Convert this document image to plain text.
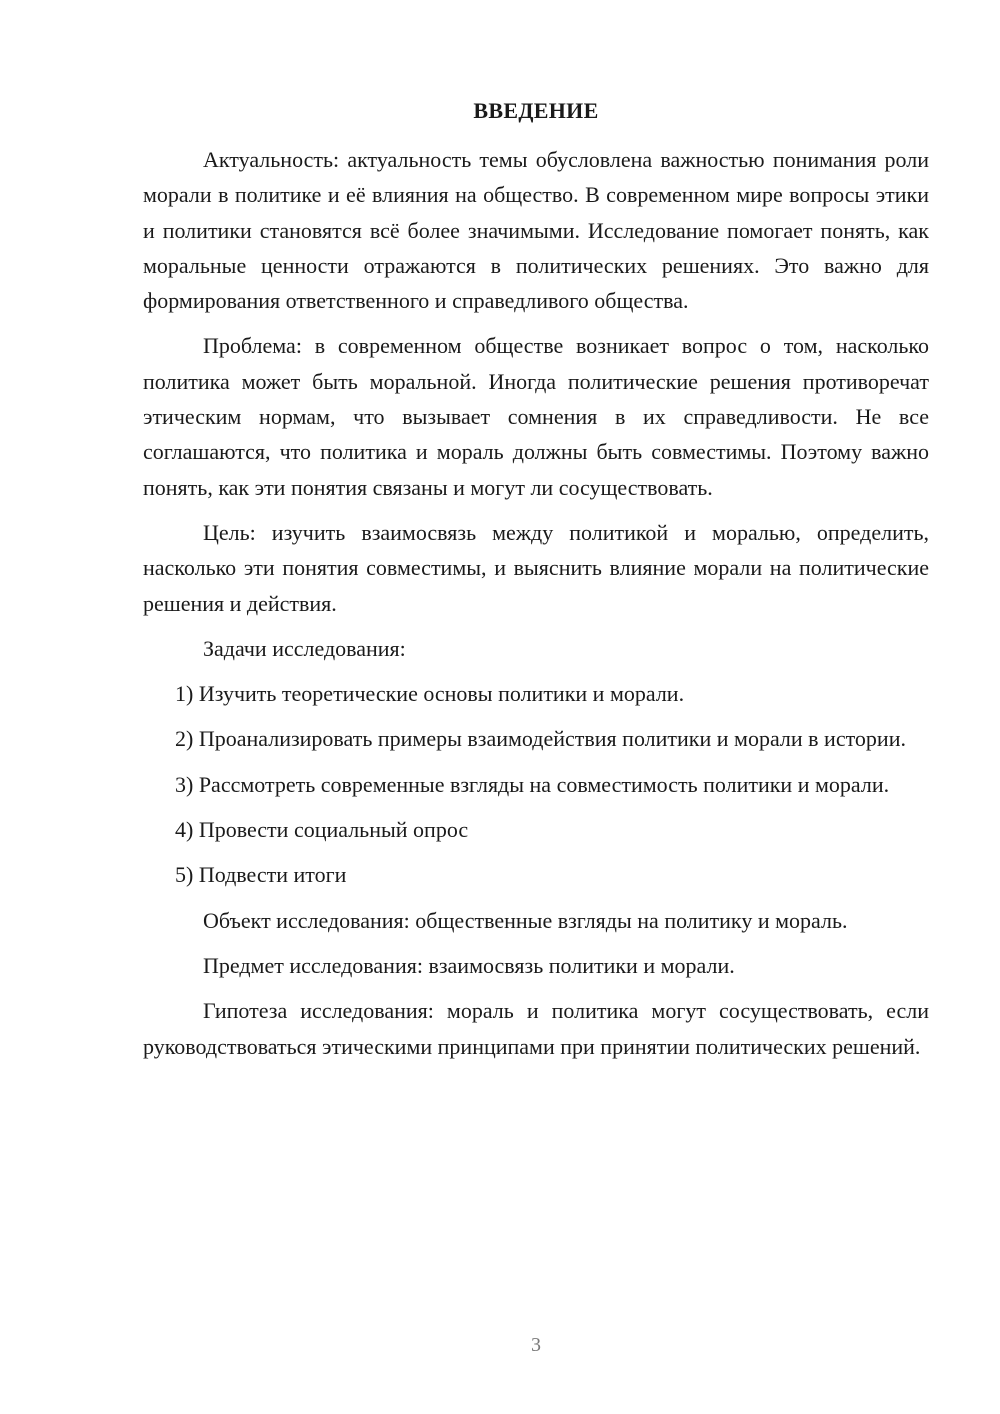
ВВЕДЕНИЕ

Актуальность: актуальность темы обусловлена важностью понимания роли морали в политике и её влияния на общество. В современном мире вопросы этики и политики становятся всё более значимыми. Исследование помогает понять, как моральные ценности отражаются в политических решениях. Это важно для формирования ответственного и справедливого общества.

Проблема: в современном обществе возникает вопрос о том, насколько политика может быть моральной. Иногда политические решения противоречат этическим нормам, что вызывает сомнения в их справедливости. Не все соглашаются, что политика и мораль должны быть совместимы. Поэтому важно понять, как эти понятия связаны и могут ли сосуществовать.

Цель: изучить взаимосвязь между политикой и моралью, определить, насколько эти понятия совместимы, и выяснить влияние морали на политические решения и действия.

Задачи исследования:

1) Изучить теоретические основы политики и морали.

2) Проанализировать примеры взаимодействия политики и морали в истории.

3) Рассмотреть современные взгляды на совместимость политики и морали.

4) Провести социальный опрос

5) Подвести итоги

Объект исследования: общественные взгляды на политику и мораль.

Предмет исследования: взаимосвязь политики и морали.

Гипотеза исследования: мораль и политика могут сосуществовать, если руководствоваться этическими принципами при принятии политических решений.

3
